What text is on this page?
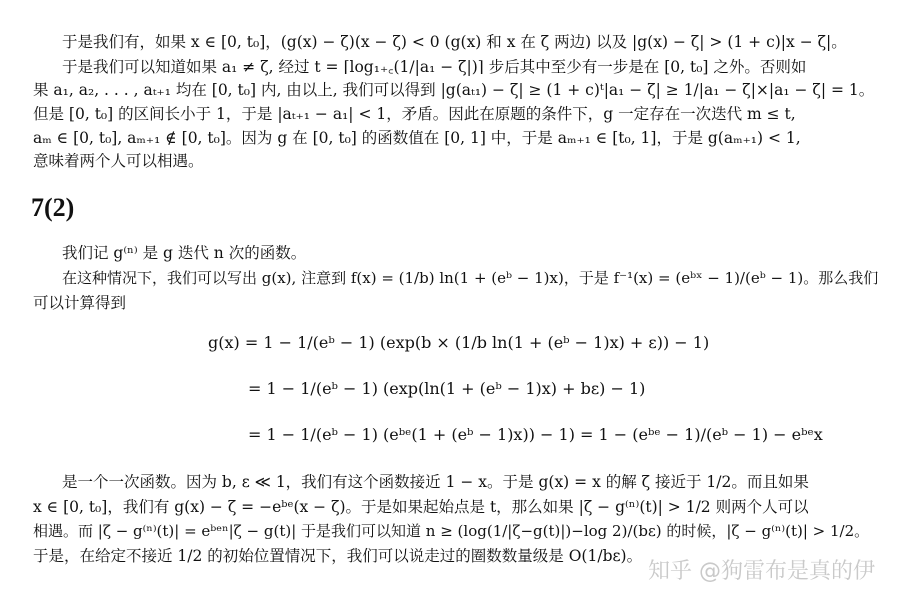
于是我们有，如果 x ∈ [0, t₀]，(g(x) − ζ)(x − ζ) < 0 (g(x) 和 x 在 ζ 两边) 以及 |g(x) − ζ| > (1 + c)|x − ζ|。
于是我们可以知道如果 a₁ ≠ ζ, 经过 t = ⌈log₁₊꜀(1/|a₁ − ζ|)⌉ 步后其中至少有一步是在 [0, t₀] 之外。否则如
果 a₁, a₂, . . . , aₜ₊₁ 均在 [0, t₀] 内, 由以上, 我们可以得到 |g(aₜ₁) − ζ| ≥ (1 + c)ᵗ|a₁ − ζ| ≥ 1/|a₁ − ζ|×|a₁ − ζ| = 1。
但是 [0, t₀] 的区间长小于 1，于是 |aₜ₊₁ − a₁| < 1，矛盾。因此在原题的条件下，g 一定存在一次迭代 m ≤ t,
aₘ ∈ [0, t₀], aₘ₊₁ ∉ [0, t₀]。因为 g 在 [0, t₀] 的函数值在 [0, 1] 中，于是 aₘ₊₁ ∈ [t₀, 1]，于是 g(aₘ₊₁) < 1,
意味着两个人可以相遇。
7(2)
我们记 g⁽ⁿ⁾ 是 g 迭代 n 次的函数。
在这种情况下，我们可以写出 g(x), 注意到 f(x) = (1/b) ln(1 + (eᵇ − 1)x)，于是 f⁻¹(x) = (eᵇˣ − 1)/(eᵇ − 1)。那么我们
可以计算得到
g(x) = 1 − 1/(eᵇ − 1) (exp(b × (1/b ln(1 + (eᵇ − 1)x) + ε)) − 1)
= 1 − 1/(eᵇ − 1) (exp(ln(1 + (eᵇ − 1)x) + bε) − 1)
= 1 − 1/(eᵇ − 1) (eᵇᵉ(1 + (eᵇ − 1)x)) − 1) = 1 − (eᵇᵉ − 1)/(eᵇ − 1) − eᵇᵉx
是一个一次函数。因为 b, ε ≪ 1，我们有这个函数接近 1 − x。于是 g(x) = x 的解 ζ 接近于 1/2。而且如果
x ∈ [0, t₀]，我们有 g(x) − ζ = −eᵇᵉ(x − ζ)。于是如果起始点是 t，那么如果 |ζ − g⁽ⁿ⁾(t)| > 1/2 则两个人可以
相遇。而 |ζ − g⁽ⁿ⁾(t)| = eᵇᵉⁿ|ζ − g(t)| 于是我们可以知道 n ≥ (log(1/|ζ−g(t)|)−log 2)/(bε) 的时候，|ζ − g⁽ⁿ⁾(t)| > 1/2。
于是，在给定不接近 1/2 的初始位置情况下，我们可以说走过的圈数数量级是 O(1/bε)。
知乎 @狗雷布是真的伊
